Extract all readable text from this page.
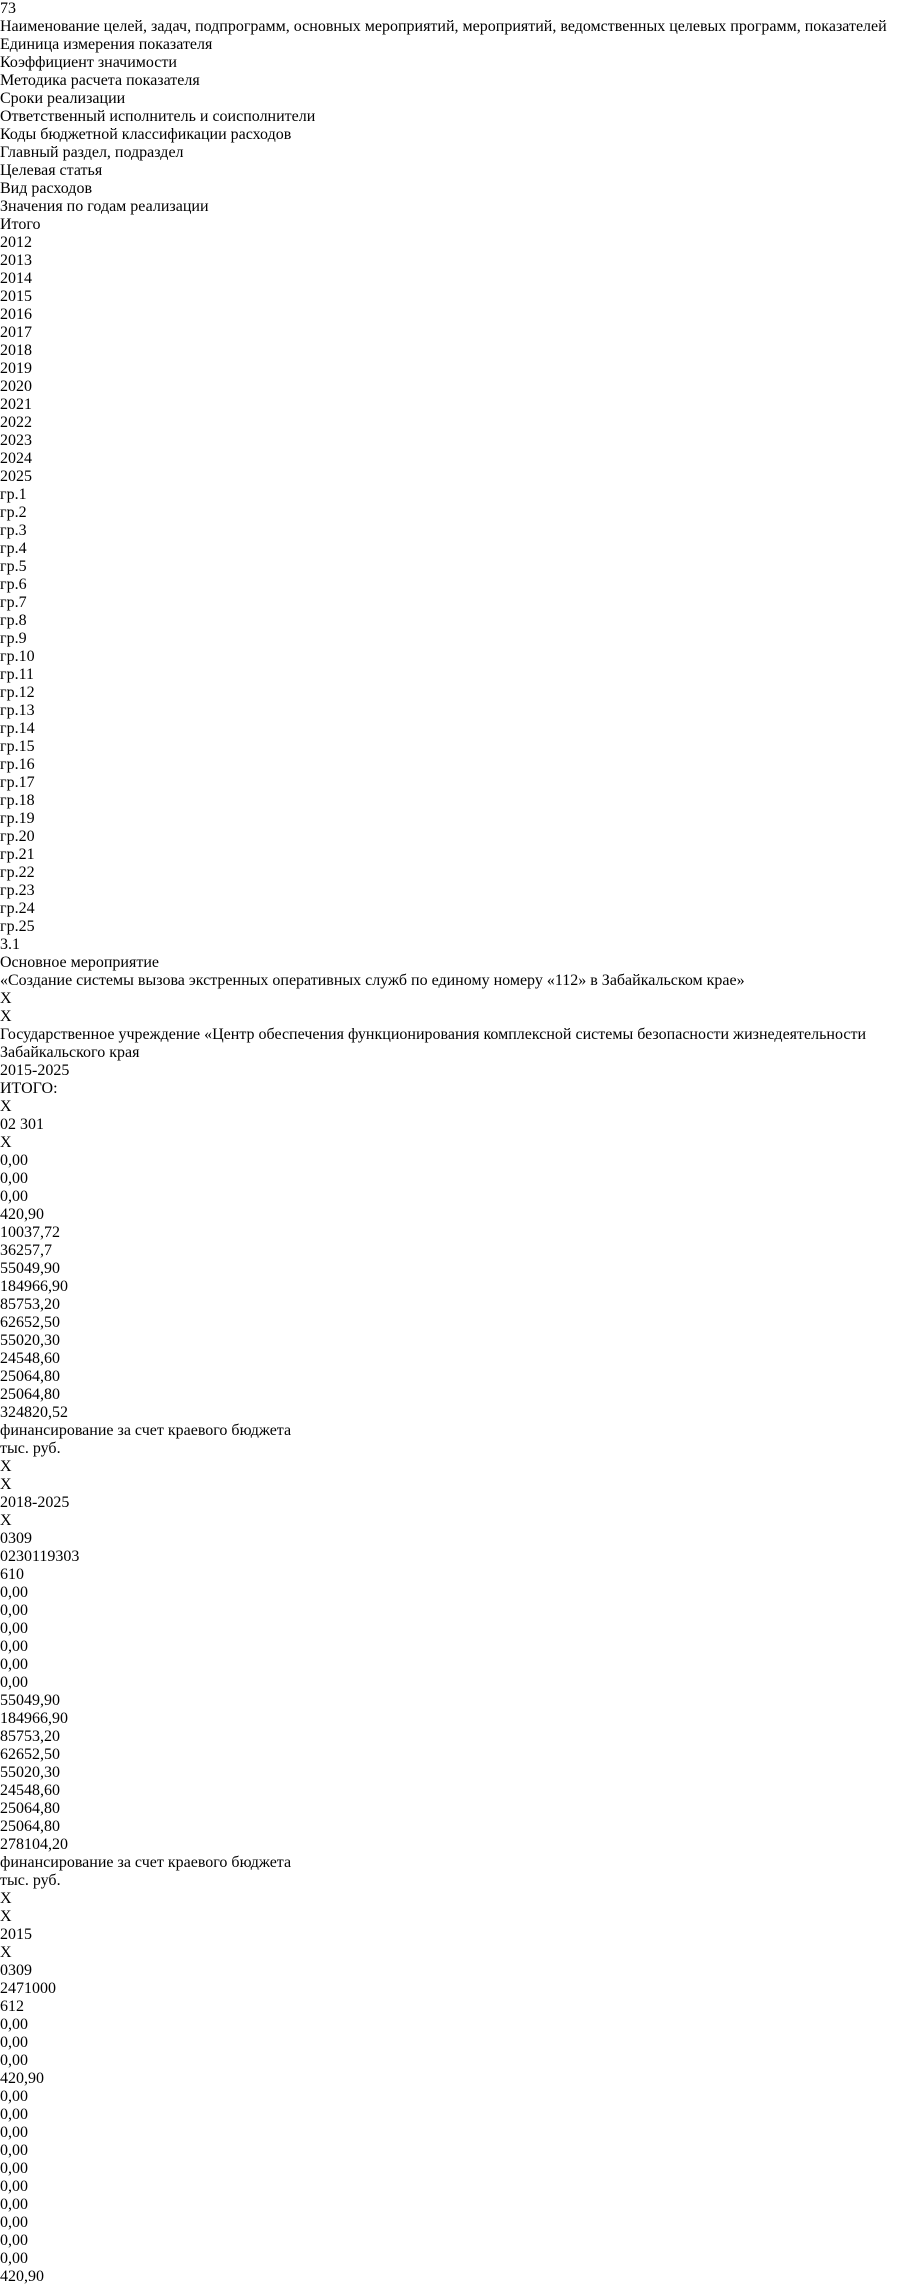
73
Наименование целей, задач, подпрограмм, основных мероприятий, мероприятий, ведомственных целевых программ, показателей
Единица измерения показателя
Коэффициент значимости
Методика расчета показателя
Сроки реализации
Ответственный исполнитель и соисполнители
Коды бюджетной классификации расходов
Главный раздел, подраздел
Целевая статья
Вид расходов
Значения по годам реализации
Итого
2012
2013
2014
2015
2016
2017
2018
2019
2020
2021
2022
2023
2024
2025
гр.1
гр.2
гр.3
гр.4
гр.5
гр.6
гр.7
гр.8
гр.9
гр.10
гр.11
гр.12
гр.13
гр.14
гр.15
гр.16
гр.17
гр.18
гр.19
гр.20
гр.21
гр.22
гр.23
гр.24
гр.25
3.1
Основное мероприятие
«Создание системы вызова экстренных оперативных служб по единому номеру «112» в Забайкальском крае»
Х
Х
Государственное учреждение «Центр обеспечения функционирования комплексной системы безопасности жизнедеятельности Забайкальского края
2015-2025
ИТОГО:
Х
02 301
Х
0,00
0,00
0,00
420,90
10037,72
36257,7
55049,90
184966,90
85753,20
62652,50
55020,30
24548,60
25064,80
25064,80
324820,52
финансирование за счет краевого бюджета
тыс. руб.
Х
Х
2018-2025
Х
0309
0230119303
610
0,00
0,00
0,00
0,00
0,00
0,00
55049,90
184966,90
85753,20
62652,50
55020,30
24548,60
25064,80
25064,80
278104,20
финансирование за счет краевого бюджета
тыс. руб.
Х
Х
2015
Х
0309
2471000
612
0,00
0,00
0,00
420,90
0,00
0,00
0,00
0,00
0,00
0,00
0,00
0,00
0,00
0,00
420,90
